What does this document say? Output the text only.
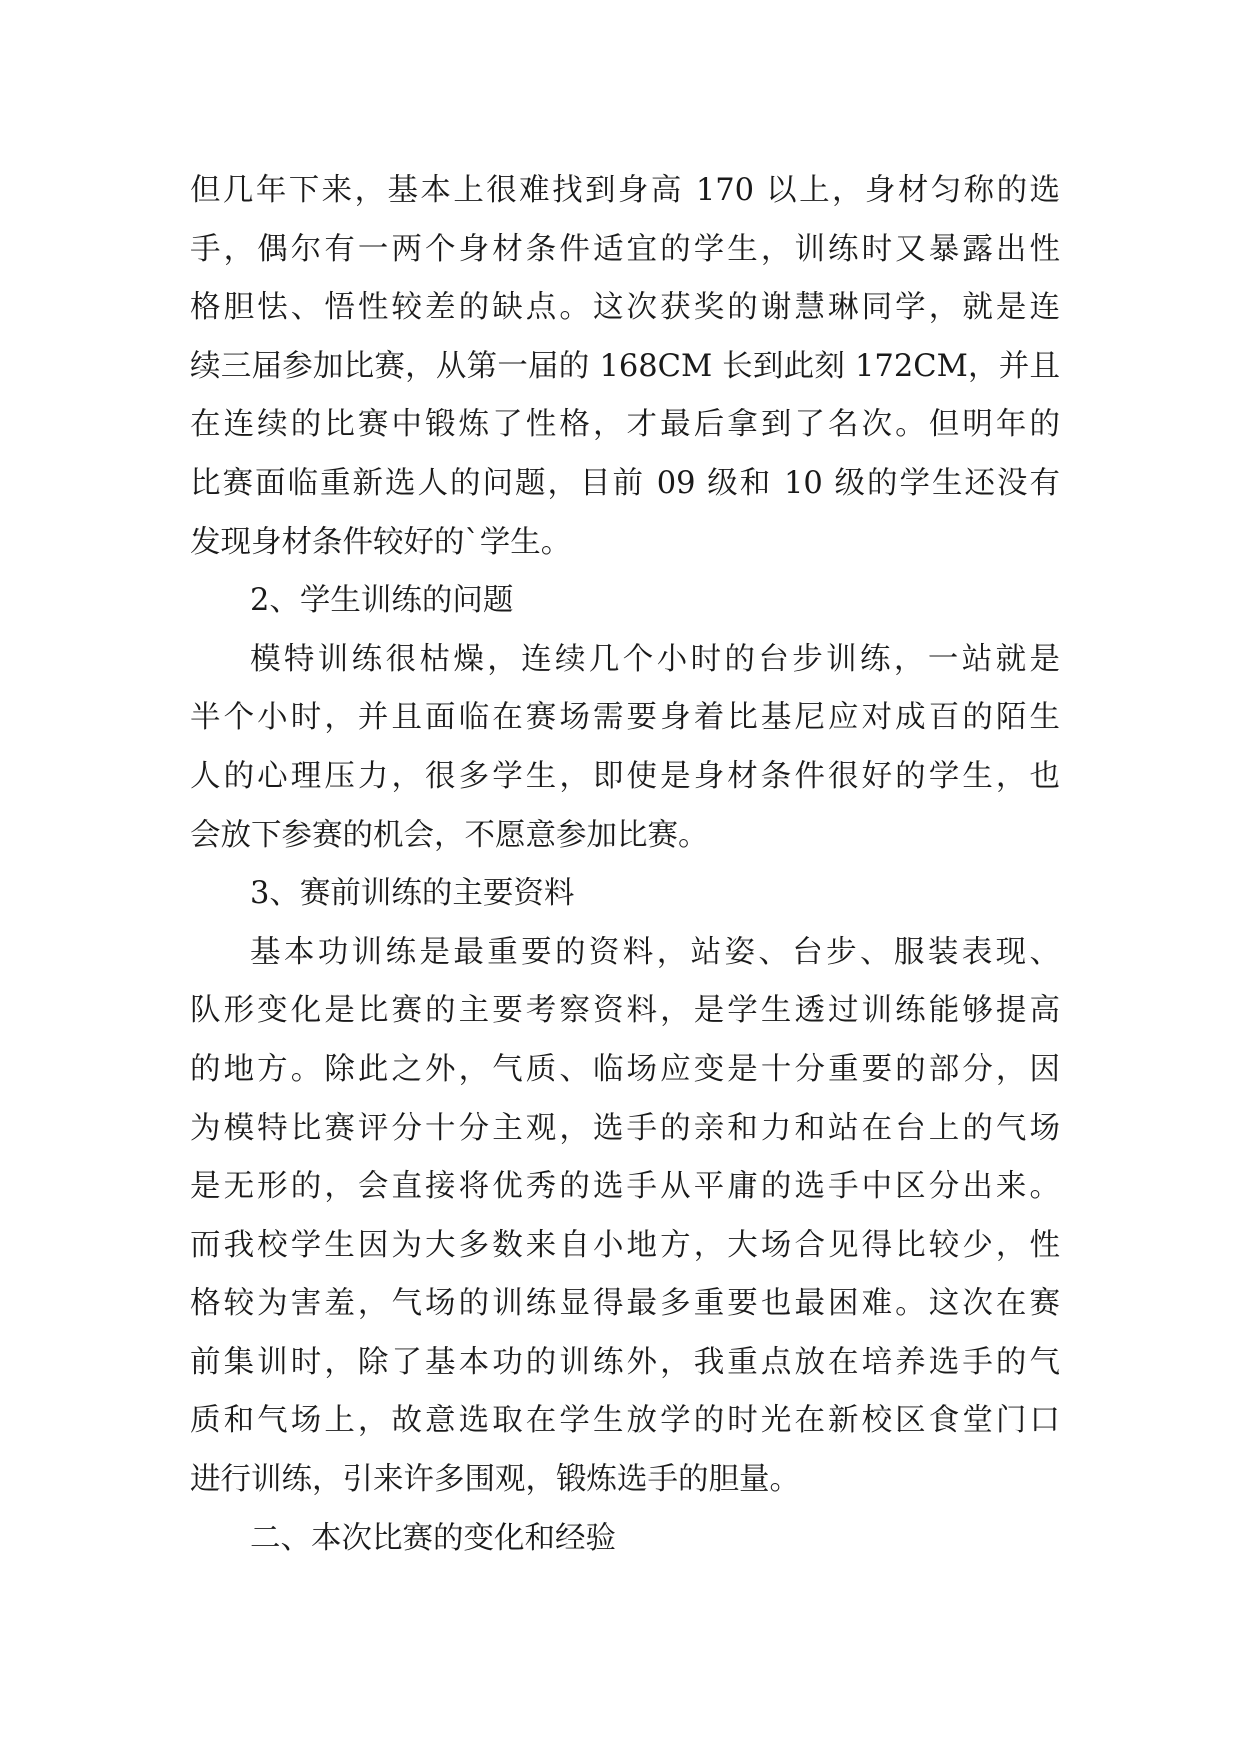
但几年下来，基本上很难找到身高 170 以上，身材匀称的选
手，偶尔有一两个身材条件适宜的学生，训练时又暴露出性
格胆怯、悟性较差的缺点。这次获奖的谢慧琳同学，就是连
续三届参加比赛，从第一届的 168CM 长到此刻 172CM，并且
在连续的比赛中锻炼了性格，才最后拿到了名次。但明年的
比赛面临重新选人的问题，目前 09 级和 10 级的学生还没有
发现身材条件较好的`学生。
2、学生训练的问题
模特训练很枯燥，连续几个小时的台步训练，一站就是
半个小时，并且面临在赛场需要身着比基尼应对成百的陌生
人的心理压力，很多学生，即使是身材条件很好的学生，也
会放下参赛的机会，不愿意参加比赛。
3、赛前训练的主要资料
基本功训练是最重要的资料，站姿、台步、服装表现、
队形变化是比赛的主要考察资料，是学生透过训练能够提高
的地方。除此之外，气质、临场应变是十分重要的部分，因
为模特比赛评分十分主观，选手的亲和力和站在台上的气场
是无形的，会直接将优秀的选手从平庸的选手中区分出来。
而我校学生因为大多数来自小地方，大场合见得比较少，性
格较为害羞，气场的训练显得最多重要也最困难。这次在赛
前集训时，除了基本功的训练外，我重点放在培养选手的气
质和气场上，故意选取在学生放学的时光在新校区食堂门口
进行训练，引来许多围观，锻炼选手的胆量。
二、本次比赛的变化和经验
